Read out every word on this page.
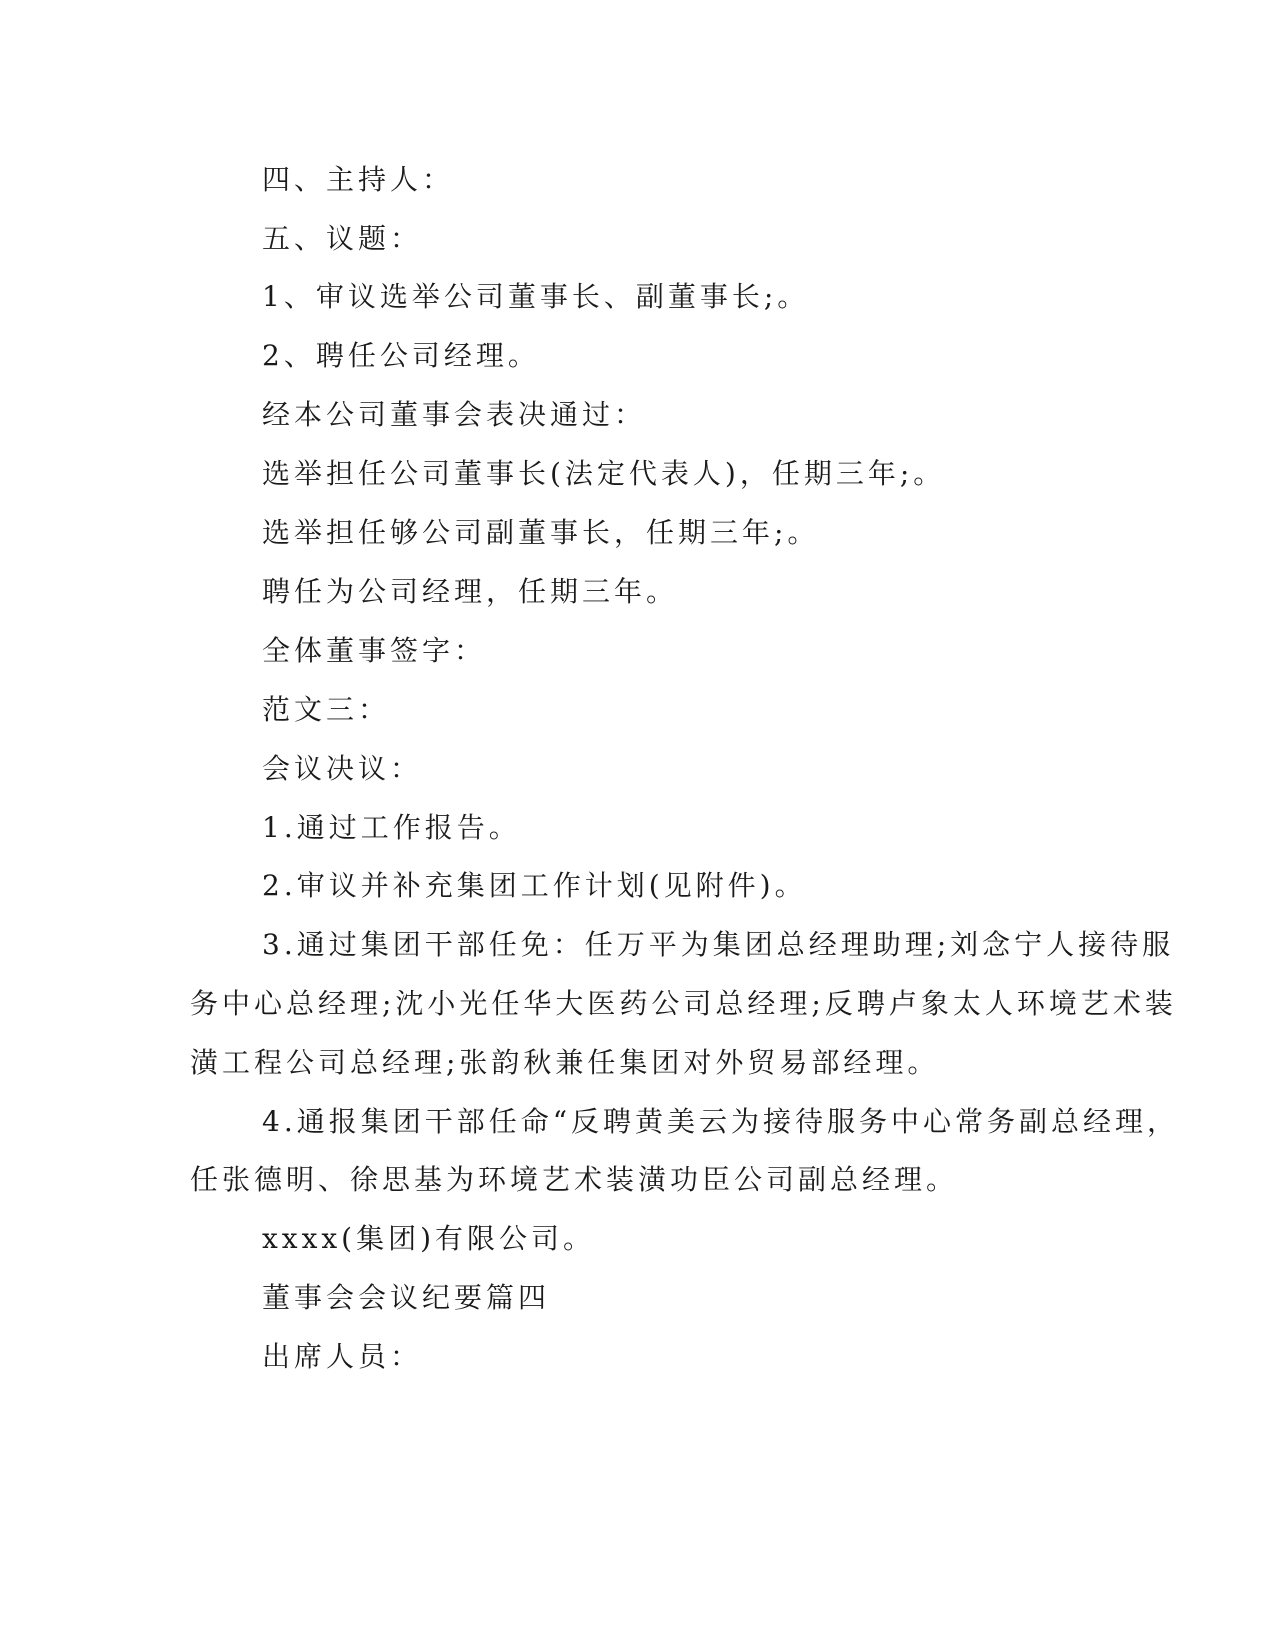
四、主持人：
五、议题：
1、审议选举公司董事长、副董事长;。
2、聘任公司经理。
经本公司董事会表决通过：
选举担任公司董事长(法定代表人)，任期三年;。
选举担任够公司副董事长，任期三年;。
聘任为公司经理，任期三年。
全体董事签字：
范文三：
会议决议：
1.通过工作报告。
2.审议并补充集团工作计划(见附件)。
3.通过集团干部任免：任万平为集团总经理助理;刘念宁人接待服
务中心总经理;沈小光任华大医药公司总经理;反聘卢象太人环境艺术装
潢工程公司总经理;张韵秋兼任集团对外贸易部经理。
4.通报集团干部任命“反聘黄美云为接待服务中心常务副总经理，
任张德明、徐思基为环境艺术装潢功臣公司副总经理。
xxxx(集团)有限公司。
董事会会议纪要篇四
出席人员：
